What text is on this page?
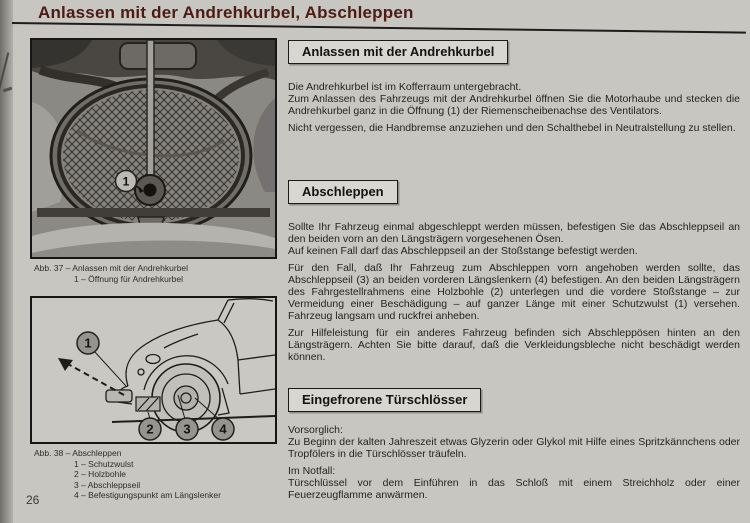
Anlassen mit der Andrehkurbel, Abschleppen
1
Abb. 37 – Anlassen mit der Andrehkurbel
1 – Öffnung für Andrehkurbel
1
2 3 4
Abb. 38 – Abschleppen
1 – Schutzwulst
2 – Holzbohle
3 – Abschleppseil
4 – Befestigungspunkt am Längslenker
26
Anlassen mit der Andrehkurbel

Die Andrehkurbel ist im Kofferraum untergebracht.

Zum Anlassen des Fahrzeugs mit der Andrehkurbel öffnen Sie die Motorhaube und stecken die Andrehkurbel ganz in die Öffnung (1) der Riemenscheibenachse des Ventilators.

Nicht vergessen, die Handbremse anzuziehen und den Schalthebel in Neutralstellung zu stellen.

Abschleppen

Sollte Ihr Fahrzeug einmal abgeschleppt werden müssen, befestigen Sie das Abschleppseil an den beiden vorn an den Längsträgern vorgesehenen Ösen.

Auf keinen Fall darf das Abschleppseil an der Stoßstange befestigt werden.

Für den Fall, daß Ihr Fahrzeug zum Abschleppen vorn angehoben werden sollte, das Abschleppseil (3) an beiden vorderen Längslenkern (4) befestigen. An den beiden Längsträgern des Fahrgestellrahmens eine Holzbohle (2) unterlegen und die vordere Stoßstange – zur Vermeidung einer Beschädigung – auf ganzer Länge mit einer Schutzwulst (1) versehen. Fahrzeug langsam und ruckfrei anheben.

Zur Hilfeleistung für ein anderes Fahrzeug befinden sich Abschleppösen hinten an den Längsträgern. Achten Sie bitte darauf, daß die Verkleidungsbleche nicht beschädigt werden können.

Eingefrorene Türschlösser

Vorsorglich:

Zu Beginn der kalten Jahreszeit etwas Glyzerin oder Glykol mit Hilfe eines Spritzkännchens oder Tropfölers in die Türschlösser träufeln.

Im Notfall:

Türschlüssel vor dem Einführen in das Schloß mit einem Streichholz oder einer Feuerzeugflamme anwärmen.
